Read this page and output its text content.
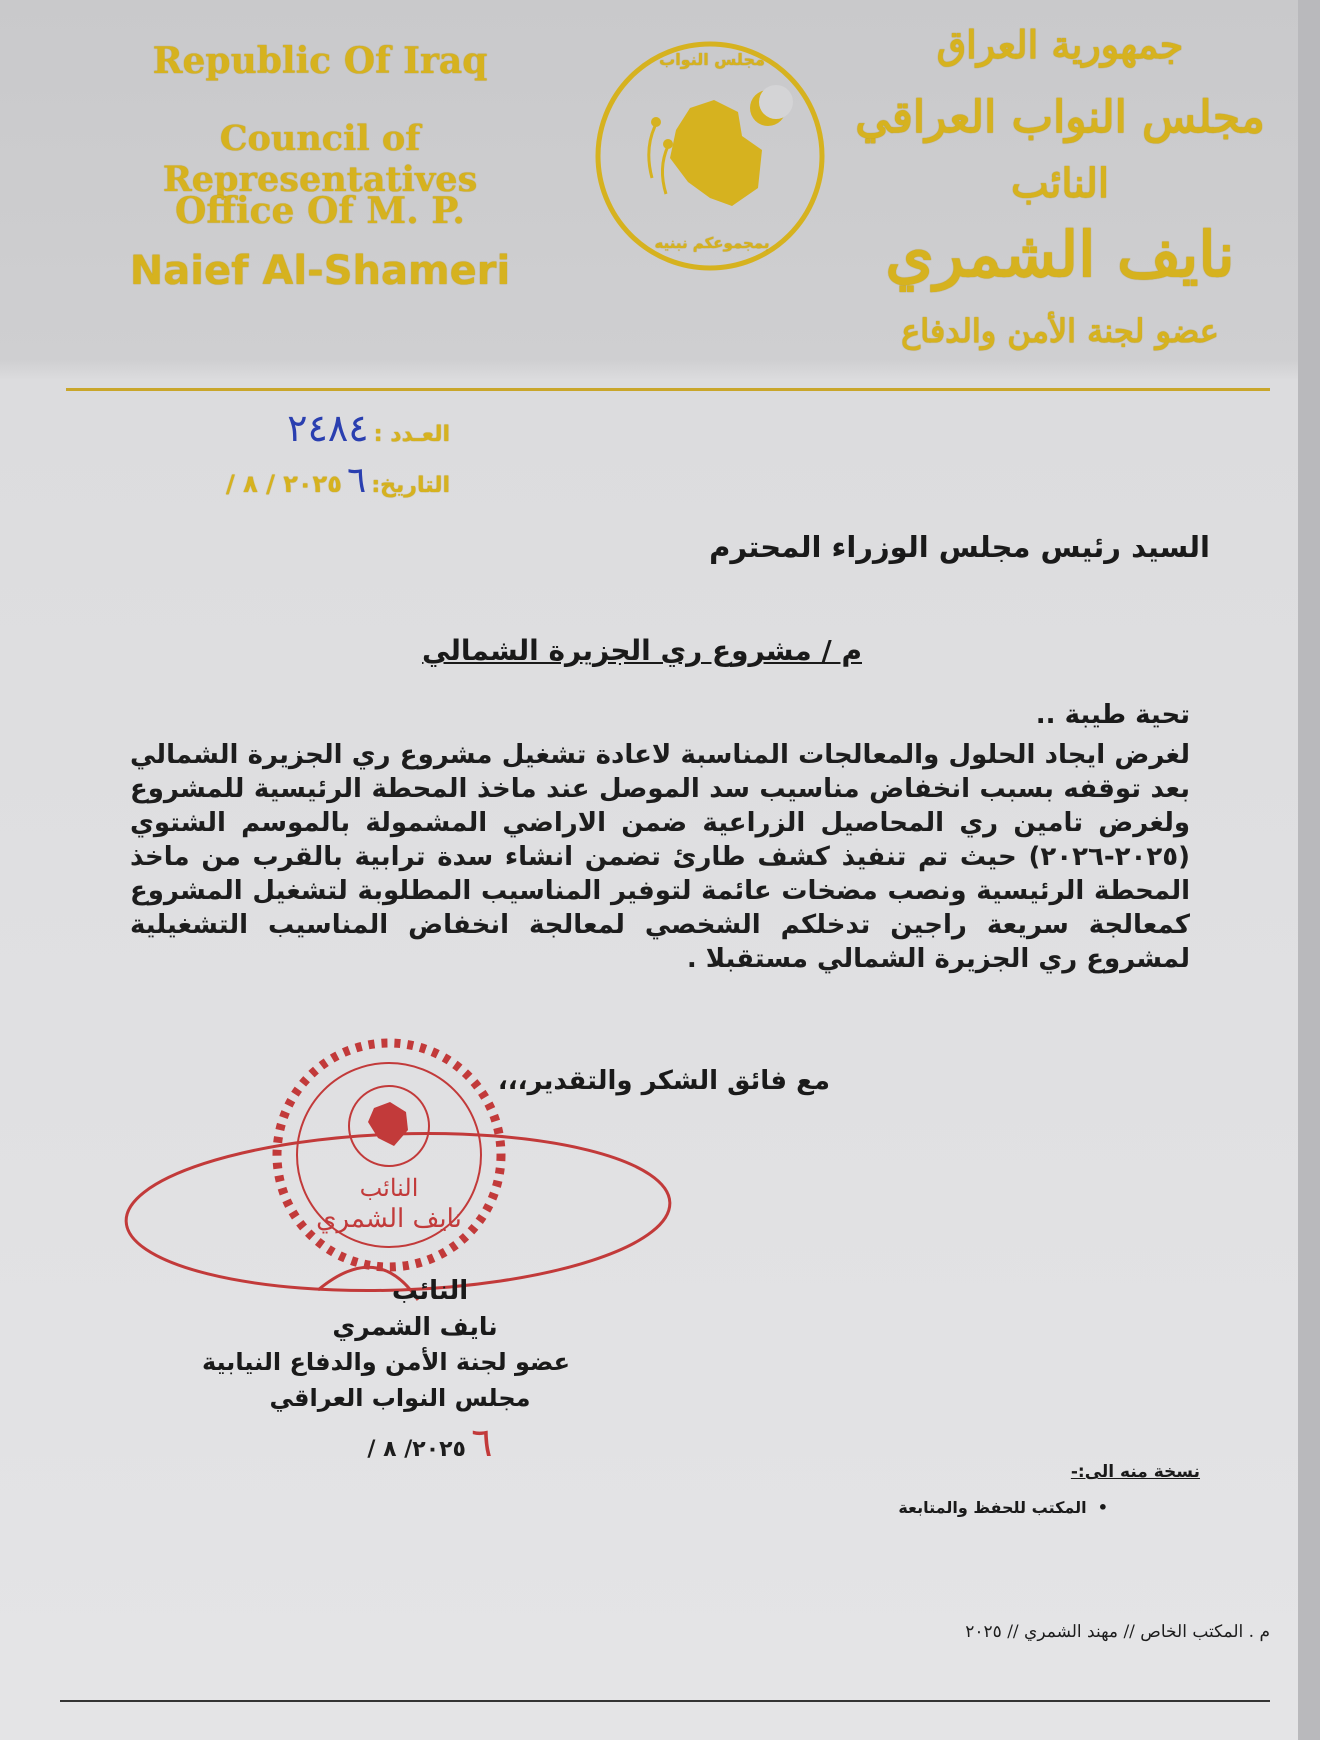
Republic Of Iraq
Council of Representatives
Office Of M. P.
Naief Al-Shameri
مجلس النواب
بمجموعكم نبنيه
جمهورية العراق
مجلس النواب العراقي
النائب
نايف الشمري
عضو لجنة الأمن والدفاع
العـدد : ٢٤٨٤
التاريخ: ٦ ٢٠٢٥ / ٨ /
السيد رئيس مجلس الوزراء المحترم
م / مشروع ري الجزيرة الشمالي
تحية طيبة ..
لغرض ايجاد الحلول والمعالجات المناسبة لاعادة تشغيل مشروع ري الجزيرة الشمالي بعد توقفه بسبب انخفاض مناسيب سد الموصل عند ماخذ المحطة الرئيسية للمشروع ولغرض تامين ري المحاصيل الزراعية ضمن الاراضي المشمولة بالموسم الشتوي (٢٠٢٥-٢٠٢٦) حيث تم تنفيذ كشف طارئ تضمن انشاء سدة ترابية بالقرب من ماخذ المحطة الرئيسية ونصب مضخات عائمة لتوفير المناسيب المطلوبة لتشغيل المشروع كمعالجة سريعة راجين تدخلكم الشخصي لمعالجة انخفاض المناسيب التشغيلية لمشروع ري الجزيرة الشمالي مستقبلا .
مع فائق الشكر والتقدير،،،
النائب
نايف الشمري
النائب
نايف الشمري
عضو لجنة الأمن والدفاع النيابية
مجلس النواب العراقي
٦ ٢٠٢٥/ ٨ /
نسخة منه الى:-
•  المكتب للحفظ والمتابعة
م . المكتب الخاص // مهند الشمري // ٢٠٢٥
